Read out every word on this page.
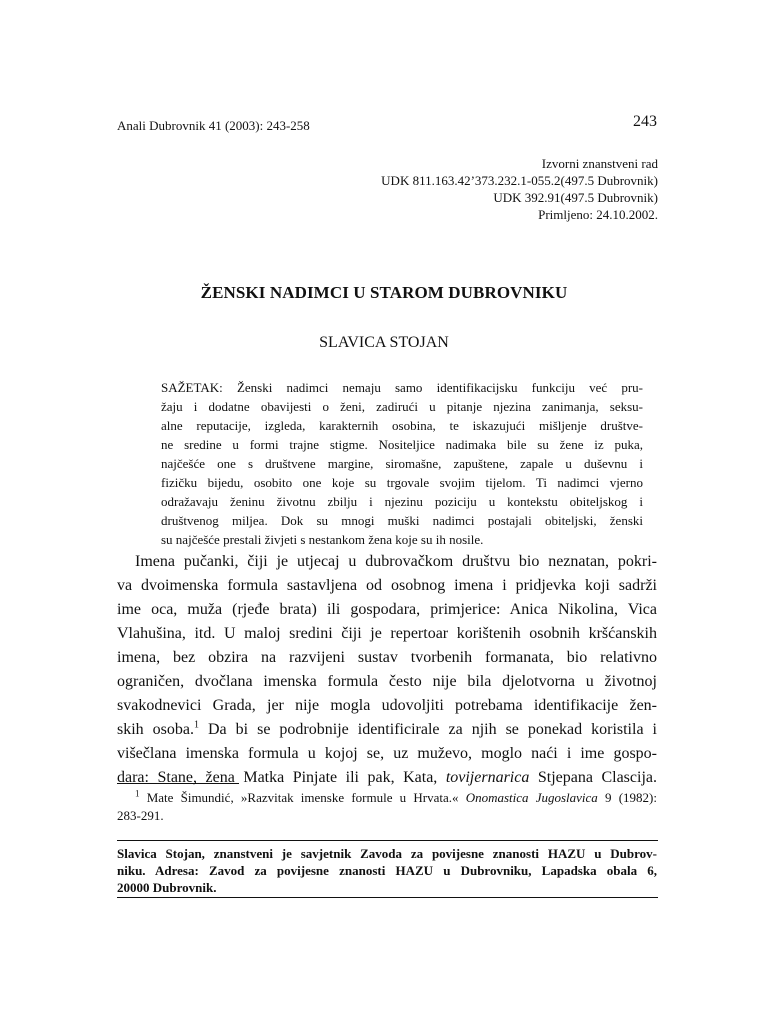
Anali Dubrovnik 41 (2003): 243-258	243
Izvorni znanstveni rad
UDK 811.163.42’373.232.1-055.2(497.5 Dubrovnik)
UDK 392.91(497.5 Dubrovnik)
Primljeno: 24.10.2002.
ŽENSKI NADIMCI U STAROM DUBROVNIKU
SLAVICA STOJAN
SAŽETAK: Ženski nadimci nemaju samo identifikacijsku funkciju već pru-
žaju i dodatne obavijesti o ženi, zadirući u pitanje njezina zanimanja, seksu-
alne reputacije, izgleda, karakternih osobina, te iskazujući mišljenje društve-
ne sredine u formi trajne stigme. Nositeljice nadimaka bile su žene iz puka,
najčešće one s društvene margine, siromašne, zapuštene, zapale u duševnu i
fizičku bijedu, osobito one koje su trgovale svojim tijelom. Ti nadimci vjerno
odražavaju ženinu životnu zbilju i njezinu poziciju u kontekstu obiteljskog i
društvenog miljea. Dok su mnogi muški nadimci postajali obiteljski, ženski
su najčešće prestali živjeti s nestankom žena koje su ih nosile.
Imena pučanki, čiji je utjecaj u dubrovačkom društvu bio neznatan, pokri-
va dvoimenska formula sastavljena od osobnog imena i pridjevka koji sadrži
ime oca, muža (rjeđe brata) ili gospodara, primjerice: Anica Nikolina, Vica
Vlahušina, itd. U maloj sredini čiji je repertoar korištenih osobnih kršćanskih
imena, bez obzira na razvijeni sustav tvorbenih formanata, bio relativno
ograničen, dvočlana imenska formula često nije bila djelotvorna u životnoj
svakodnevici Grada, jer nije mogla udovoljiti potrebama identifikacije žen-
skih osoba.$^1$ Da bi se podrobnije identificirale za njih se ponekad koristila i
višečlana imenska formula u kojoj se, uz muževo, moglo naći i ime gospo-
dara: Stane, žena Matka Pinjate ili pak, Kata, tovijernarica Stjepana Clascija.
$^1$ Mate Šimundić, »Razvitak imenske formule u Hrvata.« Onomastica Jugoslavica 9 (1982):
283-291.
Slavica Stojan, znanstveni je savjetnik Zavoda za povijesne znanosti HAZU u Dubrov-
niku. Adresa: Zavod za povijesne znanosti HAZU u Dubrovniku, Lapadska obala 6,
20000 Dubrovnik.
